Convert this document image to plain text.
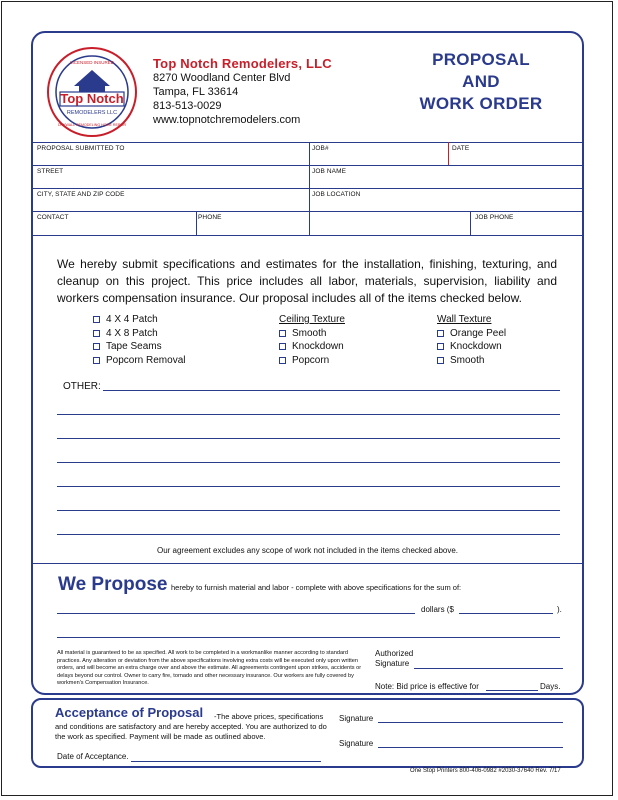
Top Notch
REMODELERS LLC
LICENSED INSURED
DRYWALL REMODELING HOME REPAIR
Top Notch Remodelers, LLC
8270 Woodland Center Blvd
Tampa, FL 33614
813-513-0029
www.topnotchremodelers.com
PROPOSAL
AND
WORK ORDER
PROPOSAL SUBMITTED TO	JOB#	DATE
STREET	JOB NAME
CITY, STATE AND ZIP CODE	JOB LOCATION
CONTACT	PHONE	JOB PHONE
We hereby submit specifications and estimates for the installation, finishing, texturing, and cleanup on this project. This price includes all labor, materials, supervision, liability and workers compensation insurance. Our proposal includes all of the items checked below.
4 X 4 Patch
4 X 8 Patch
Tape Seams
Popcorn Removal
Ceiling Texture
Smooth
Knockdown
Popcorn
Wall Texture
Orange Peel
Knockdown
Smooth
OTHER:
Our agreement excludes any scope of work not included in the items checked above.
We Propose hereby to furnish material and labor - complete with above specifications for the sum of:
dollars ($	).
All material is guaranteed to be as specified. All work to be completed in a workmanlike manner according to standard practices. Any alteration or deviation from the above specifications involving extra costs will be executed only upon written orders, and will become an extra charge over and above the estimate. All agreements contingent upon strikes, accidents or delays beyond our control. Owner to carry fire, tornado and other necessary insurance. Our workers are fully covered by workmen's Compensation Insurance.
Authorized
Signature
Note: Bid price is effective for	Days.
Acceptance of Proposal	-The above prices, specifications and conditions are satisfactory and are hereby accepted. You are authorized to do the work as specified. Payment will be made as outlined above.
Signature
Signature
Date of Acceptance.
One Stop Printers 800-406-0982 #2030-37640 Rev. 7/17
